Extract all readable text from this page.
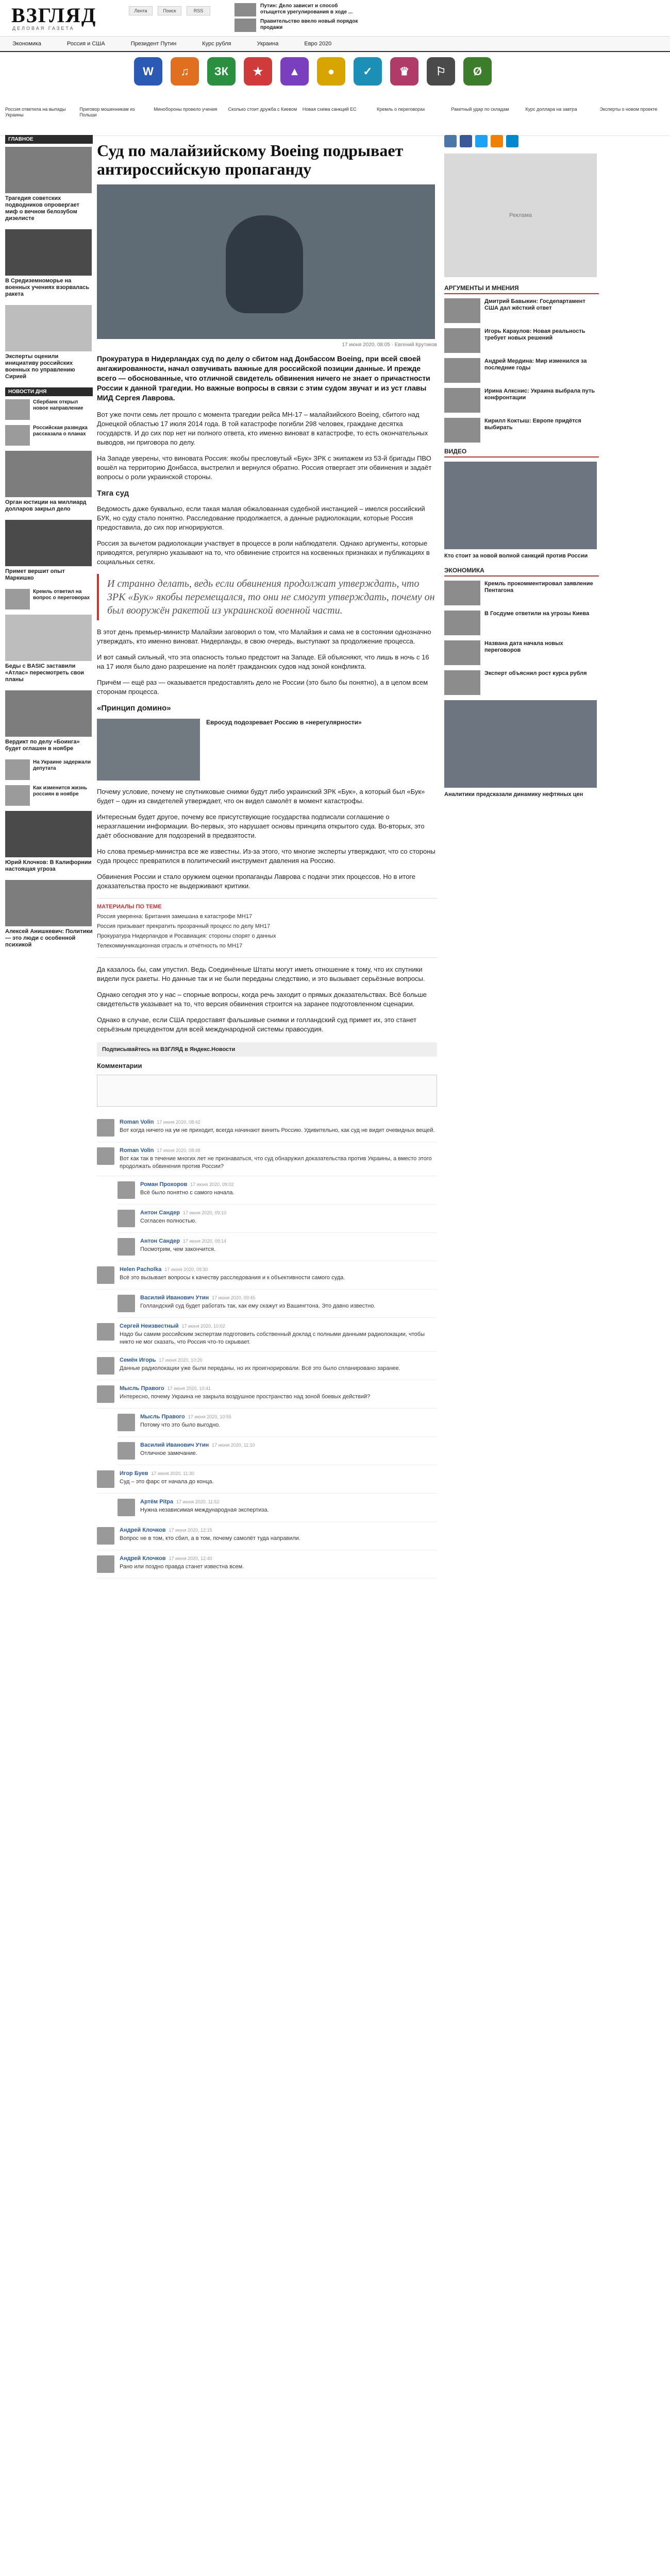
ВЗГЛЯД
ДЕЛОВАЯ ГАЗЕТА
Лента	Поиск	RSS
Путин: Дело зависит и способ отыщется урегулирования в ходе ...
Правительство ввело новый порядок продажи
Экономика	Россия и США	Президент Путин	Курс рубля	Украина	Евро 2020
W	♫	ЗК	★	▲	●	✓	♛	⚐	Ø
Россия ответила на выпады Украины
Приговор мошенникам из Польши
Минобороны провело учения	Сколько стоит дружба с Киевом	Новая схема санкций ЕС	Кремль о переговорах	Ракетный удар по складам	Курс доллара на завтра	Эксперты о новом проекте
ГЛАВНОЕ
Трагедия советских подводников опровергает миф о вечном белозубом дизелисте
В Средиземноморье на военных учениях взорвалась ракета
Эксперты оценили инициативу российских военных по управлению Сирией
НОВОСТИ ДНЯ
Сбербанк открыл новое направление
Российская разведка рассказала о планах
Орган юстиции на миллиард долларов закрыл дело
Примет вершит опыт Маркишко
Кремль ответил на вопрос о переговорах
Беды с BASIC заставили «Атлас» пересмотреть свои планы
Вердикт по делу «Боинга» будет оглашен в ноябре
На Украине задержали депутата
Как изменится жизнь россиян в ноябре
Юрий Клочков: В Калифорнии настоящая угроза
Алексей Анишкевич: Политики — это люди с особенной психикой
Суд по малайзийскому Boeing подрывает антироссийскую пропаганду
17 июня 2020, 08:05 · Евгений Крутиков
Прокуратура в Нидерландах суд по делу о сбитом над Донбассом Boeing, при всей своей ангажированности, начал озвучивать важные для российской позиции данные. И прежде всего — обоснованные, что отличной свидетель обвинения ничего не знает о причастности России к данной трагедии. Но важные вопросы в связи с этим судом звучат и из уст главы МИД Сергея Лаврова.

Вот уже почти семь лет прошло с момента трагедии рейса MH-17 – малайзийского Boeing, сбитого над Донецкой областью 17 июля 2014 года. В той катастрофе погибли 298 человек, граждане десятка государств. И до сих пор нет ни полного ответа, кто именно виноват в катастрофе, то есть окончательных выводов, ни приговора по делу.

На Западе уверены, что виновата Россия: якобы пресловутый «Бук» ЗРК с экипажем из 53-й бригады ПВО вошёл на территорию Донбасса, выстрелил и вернулся обратно. Россия отвергает эти обвинения и задаёт вопросы о роли украинской стороны.

Тяга суд

Ведомость даже буквально, если такая малая обжалованная судебной инстанцией – имелся российский БУК, но суду стало понятно. Расследование продолжается, а данные радиолокации, которые Россия предоставила, до сих пор игнорируются.

Россия за вычетом радиолокации участвует в процессе в роли наблюдателя. Однако аргументы, которые приводятся, регулярно указывают на то, что обвинение строится на косвенных признаках и публикациях в социальных сетях.

И странно делать, ведь если обвинения продолжат утверждать, что ЗРК «Бук» якобы перемещался, то они не смогут утверждать, почему он был вооружён ракетой из украинской военной части.

В этот день премьер-министр Малайзии заговорил о том, что Малайзия и сама не в состоянии однозначно утверждать, кто именно виноват. Нидерланды, в свою очередь, выступают за продолжение процесса.

И вот самый сильный, что эта опасность только предстоит на Западе. Ей объясняют, что лишь в ночь с 16 на 17 июля было дано разрешение на полёт гражданских судов над зоной конфликта.

Причём — ещё раз — оказывается предоставлять дело не России (это было бы понятно), а в целом всем сторонам процесса.

«Принцип домино»
Евросуд подозревает Россию в «нерегулярности»

Почему условие, почему не спутниковые снимки будут либо украинский ЗРК «Бук», а который был «Бук» будет – один из свидетелей утверждает, что он видел самолёт в момент катастрофы.

Интересным будет другое, почему все присутствующие государства подписали соглашение о неразглашении информации. Во-первых, это нарушает основы принципа открытого суда. Во-вторых, это даёт обоснование для подозрений в предвзятости.

Но слова премьер-министра все же известны. Из-за этого, что многие эксперты утверждают, что со стороны суда процесс превратился в политический инструмент давления на Россию.

Обвинения России и стало оружием оценки пропаганды Лаврова с подачи этих процессов. Но в итоге доказательства просто не выдерживают критики.

МАТЕРИАЛЫ ПО ТЕМЕ
Россия уверенна: Британия замешана в катастрофе МН17
Россия призывает прекратить прозрачный процесс по делу MH17
Прокуратура Нидерландов и Росавиация: стороны спорят о данных
Телекоммуникационная отрасль и отчётность по MH17

Да казалось бы, сам упустил. Ведь Соединённые Штаты могут иметь отношение к тому, что их спутники видели пуск ракеты. Но данные так и не были переданы следствию, и это вызывает серьёзные вопросы.

Однако сегодня это у нас – спорные вопросы, когда речь заходит о прямых доказательствах. Всё больше свидетельств указывает на то, что версия обвинения строится на заранее подготовленном сценарии.

Однако в случае, если США предоставят фальшивые снимки и голландский суд примет их, это станет серьёзным прецедентом для всей международной системы правосудия.

Подписывайтесь на ВЗГЛЯД в Яндекс.Новости
Комментарии
Roman Volin 17 июня 2020, 08:42
Вот когда ничего на ум не приходит, всегда начинают винить Россию. Удивительно, как суд не видит очевидных вещей.
Roman Volin 17 июня 2020, 08:48
Вот как так в течение многих лет не признаваться, что суд обнаружил доказательства против Украины, а вместо этого продолжать обвинения против России?
Роман Прохоров 17 июня 2020, 09:02
Всё было понятно с самого начала.
Антон Сандер 17 июня 2020, 09:10
Согласен полностью.
Антон Сандер 17 июня 2020, 09:14
Посмотрим, чем закончится.
Helen Pacholka 17 июня 2020, 09:30
Всё это вызывает вопросы к качеству расследования и к объективности самого суда.
Василий Иванович Утин 17 июня 2020, 09:45
Голландский суд будет работать так, как ему скажут из Вашингтона. Это давно известно.
Сергей Неизвестный 17 июня 2020, 10:02
Надо бы самим российским экспертам подготовить собственный доклад с полными данными радиолокации, чтобы никто не мог сказать, что Россия что-то скрывает.
Семён Игорь 17 июня 2020, 10:20
Данные радиолокации уже были переданы, но их проигнорировали. Всё это было спланировано заранее.
Мысль Правого 17 июня 2020, 10:41
Интересно, почему Украина не закрыла воздушное пространство над зоной боевых действий?
Мысль Правого 17 июня 2020, 10:55
Потому что это было выгодно.
Василий Иванович Утин 17 июня 2020, 11:10
Отличное замечание.
Игор Буев 17 июня 2020, 11:30
Суд – это фарс от начала до конца.
Артём Pitpa 17 июня 2020, 11:52
Нужна независимая международная экспертиза.
Андрей Клочков 17 июня 2020, 12:15
Вопрос не в том, кто сбил, а в том, почему самолёт туда направили.
Андрей Клочков 17 июня 2020, 12:40
Рано или поздно правда станет известна всем.
Реклама
АРГУМЕНТЫ И МНЕНИЯ
Дмитрий Бавыкин: Госдепартамент США дал жёсткий ответ
Игорь Караулов: Новая реальность требует новых решений
Андрей Мердина: Мир изменился за последние годы
Ирина Алкснис: Украина выбрала путь конфронтации
Кирилл Коктыш: Европе придётся выбирать
ВИДЕО
Кто стоит за новой волной санкций против России
ЭКОНОМИКА
Кремль прокомментировал заявление Пентагона
В Госдуме ответили на угрозы Киева
Названа дата начала новых переговоров
Эксперт объяснил рост курса рубля
Аналитики предсказали динамику нефтяных цен
